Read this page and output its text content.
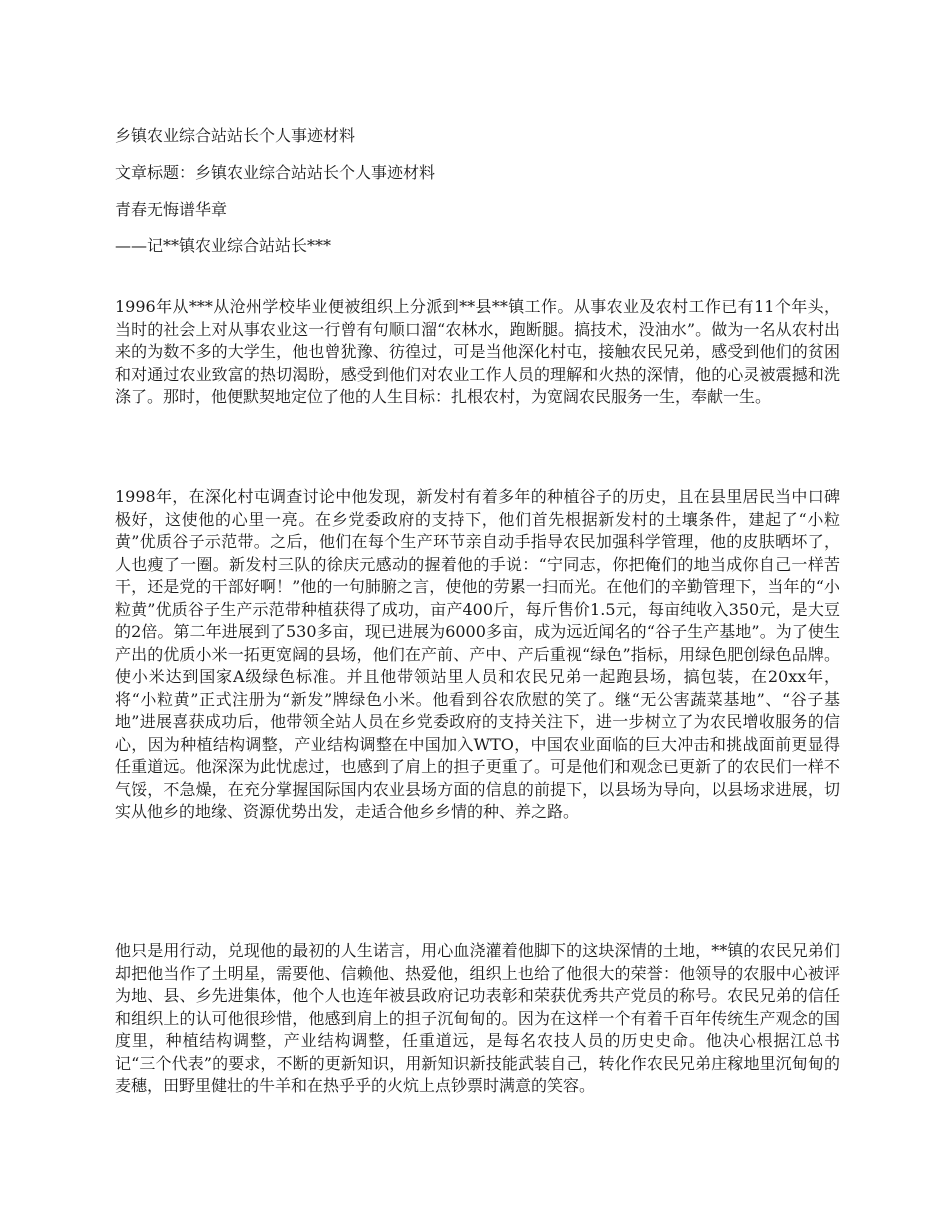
乡镇农业综合站站长个人事迹材料
文章标题：乡镇农业综合站站长个人事迹材料
青春无悔谱华章
——记**镇农业综合站站长***

1996年从***从沧州学校毕业便被组织上分派到**县**镇工作。从事农业及农村工作已有11个年头，当时的社会上对从事农业这一行曾有句顺口溜“农林水，跑断腿。搞技术，没油水”。做为一名从农村出来的为数不多的大学生，他也曾犹豫、彷徨过，可是当他深化村屯，接触农民兄弟，感受到他们的贫困和对通过农业致富的热切渴盼，感受到他们对农业工作人员的理解和火热的深情，他的心灵被震撼和洗涤了。那时，他便默契地定位了他的人生目标：扎根农村，为宽阔农民服务一生，奉献一生。

1998年，在深化村屯调查讨论中他发现，新发村有着多年的种植谷子的历史，且在县里居民当中口碑极好，这使他的心里一亮。在乡党委政府的支持下，他们首先根据新发村的土壤条件，建起了“小粒黄”优质谷子示范带。之后，他们在每个生产环节亲自动手指导农民加强科学管理，他的皮肤晒坏了，人也瘦了一圈。新发村三队的徐庆元感动的握着他的手说：“宁同志，你把俺们的地当成你自己一样苦干，还是党的干部好啊！”他的一句肺腑之言，使他的劳累一扫而光。在他们的辛勤管理下，当年的“小粒黄”优质谷子生产示范带种植获得了成功，亩产400斤，每斤售价1.5元，每亩纯收入350元，是大豆的2倍。第二年进展到了530多亩，现已进展为6000多亩，成为远近闻名的“谷子生产基地”。为了使生产出的优质小米一拓更宽阔的县场，他们在产前、产中、产后重视“绿色”指标，用绿色肥创绿色品牌。使小米达到国家A级绿色标准。并且他带领站里人员和农民兄弟一起跑县场，搞包装，在20xx年，将“小粒黄”正式注册为“新发”牌绿色小米。他看到谷农欣慰的笑了。继“无公害蔬菜基地”、“谷子基地”进展喜获成功后，他带领全站人员在乡党委政府的支持关注下，进一步树立了为农民增收服务的信心，因为种植结构调整，产业结构调整在中国加入WTO，中国农业面临的巨大冲击和挑战面前更显得任重道远。他深深为此忧虑过，也感到了肩上的担子更重了。可是他们和观念已更新了的农民们一样不气馁，不急燥，在充分掌握国际国内农业县场方面的信息的前提下，以县场为导向，以县场求进展，切实从他乡的地缘、资源优势出发，走适合他乡乡情的种、养之路。

他只是用行动，兑现他的最初的人生诺言，用心血浇灌着他脚下的这块深情的土地，**镇的农民兄弟们却把他当作了土明星，需要他、信赖他、热爱他，组织上也给了他很大的荣誉：他领导的农服中心被评为地、县、乡先进集体，他个人也连年被县政府记功表彰和荣获优秀共产党员的称号。农民兄弟的信任和组织上的认可他很珍惜，他感到肩上的担子沉甸甸的。因为在这样一个有着千百年传统生产观念的国度里，种植结构调整，产业结构调整，任重道远，是每名农技人员的历史史命。他决心根据江总书记“三个代表”的要求，不断的更新知识，用新知识新技能武装自己，转化作农民兄弟庄稼地里沉甸甸的麦穗，田野里健壮的牛羊和在热乎乎的火炕上点钞票时满意的笑容。
